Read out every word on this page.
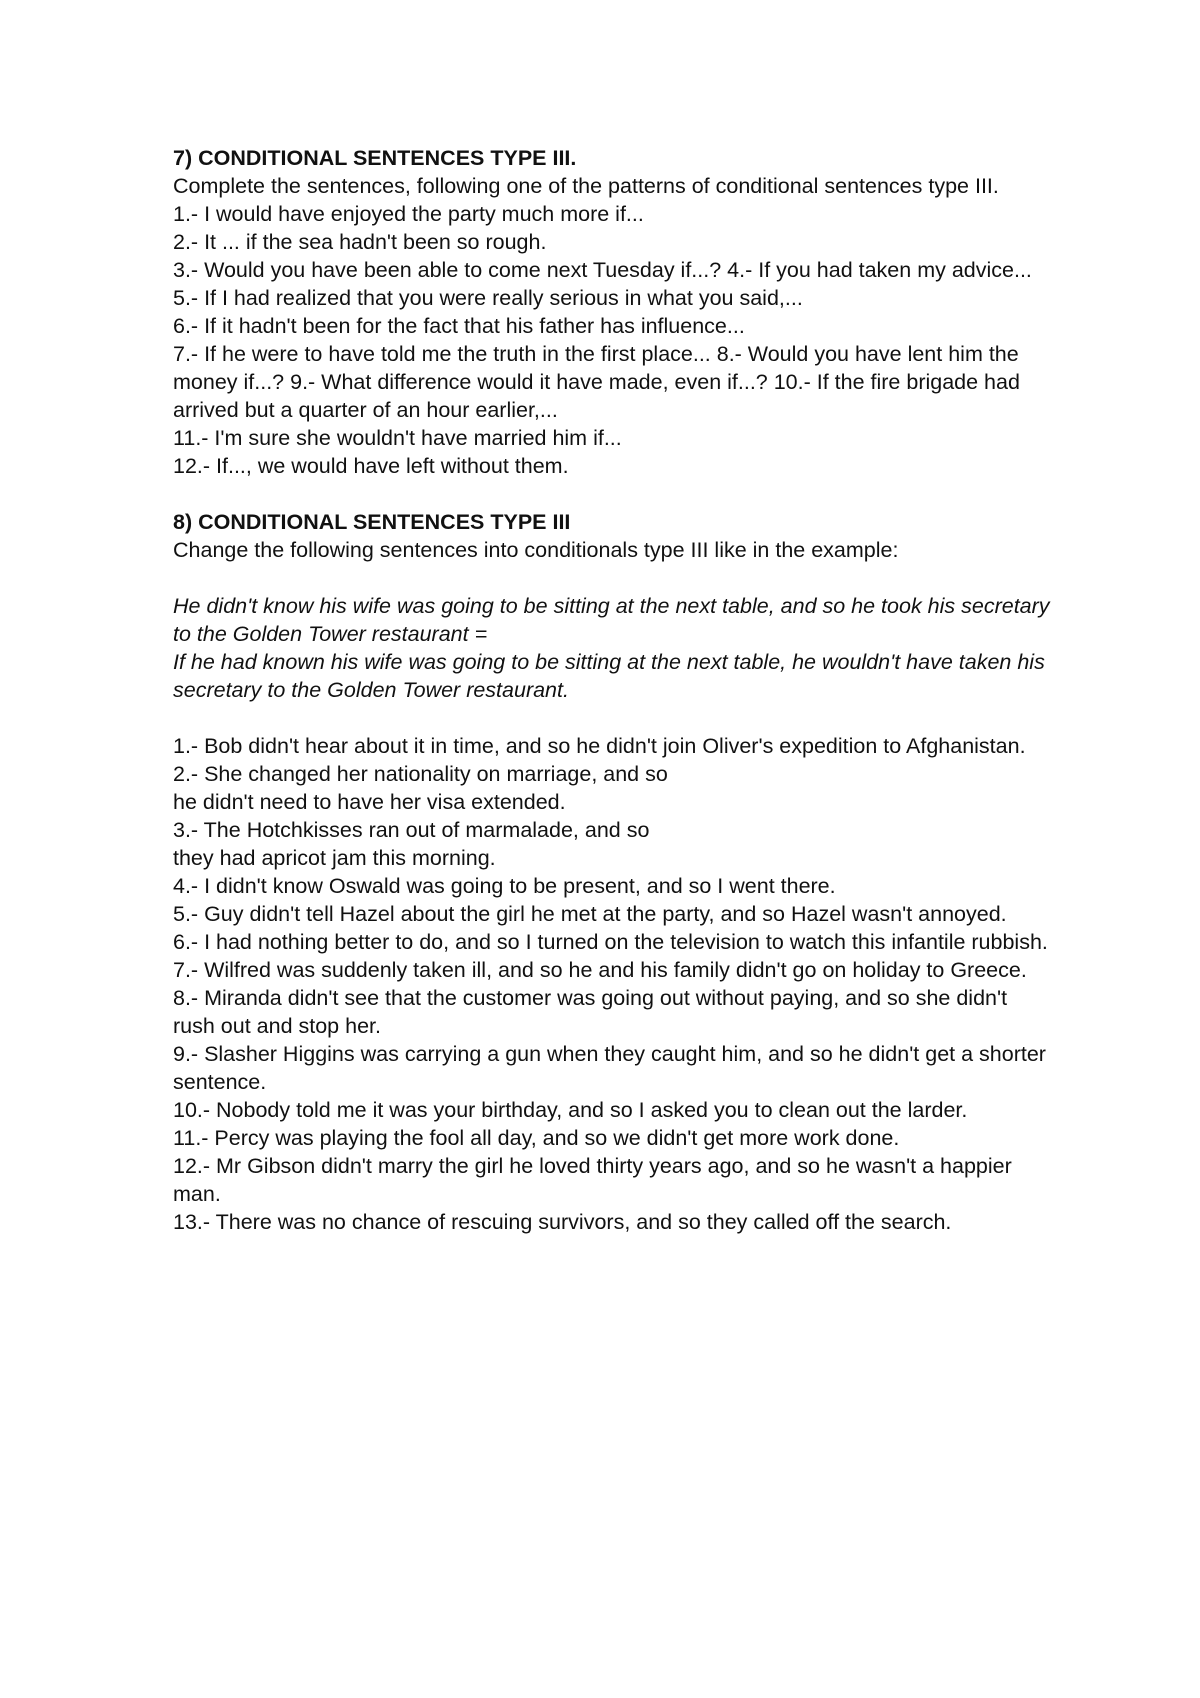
7) CONDITIONAL SENTENCES TYPE III.

Complete the sentences, following one of the patterns of conditional sentences type III.

1.- I would have enjoyed the party much more if...

2.- It ... if the sea hadn't been so rough.

3.- Would you have been able to come next Tuesday if...? 4.- If you had taken my advice...

5.- If I had realized that you were really serious in what you said,...

6.- If it hadn't been for the fact that his father has influence...

7.- If he were to have told me the truth in the first place... 8.- Would you have lent him the money if...? 9.- What difference would it have made, even if...? 10.- If the fire brigade had arrived but a quarter of an hour earlier,...

11.- I'm sure she wouldn't have married him if...

12.- If..., we would have left without them.

8) CONDITIONAL SENTENCES TYPE III

Change the following sentences into conditionals type III like in the example:

He didn't know his wife was going to be sitting at the next table, and so he took his secretary to the Golden Tower restaurant =

If he had known his wife was going to be sitting at the next table, he wouldn't have taken his secretary to the Golden Tower restaurant.

1.- Bob didn't hear about it in time, and so he didn't join Oliver's expedition to Afghanistan.

2.- She changed her nationality on marriage, and so

he didn't need to have her visa extended.

3.- The Hotchkisses ran out of marmalade, and so

they had apricot jam this morning.

4.- I didn't know Oswald was going to be present, and so I went there.

5.- Guy didn't tell Hazel about the girl he met at the party, and so Hazel wasn't annoyed.

6.- I had nothing better to do, and so I turned on the television to watch this infantile rubbish.

7.- Wilfred was suddenly taken ill, and so he and his family didn't go on holiday to Greece.

8.- Miranda didn't see that the customer was going out without paying, and so she didn't rush out and stop her.

9.- Slasher Higgins was carrying a gun when they caught him, and so he didn't get a shorter sentence.

10.- Nobody told me it was your birthday, and so I asked you to clean out the larder.

11.- Percy was playing the fool all day, and so we didn't get more work done.

12.- Mr Gibson didn't marry the girl he loved thirty years ago, and so he wasn't a happier man.

13.- There was no chance of rescuing survivors, and so they called off the search.
